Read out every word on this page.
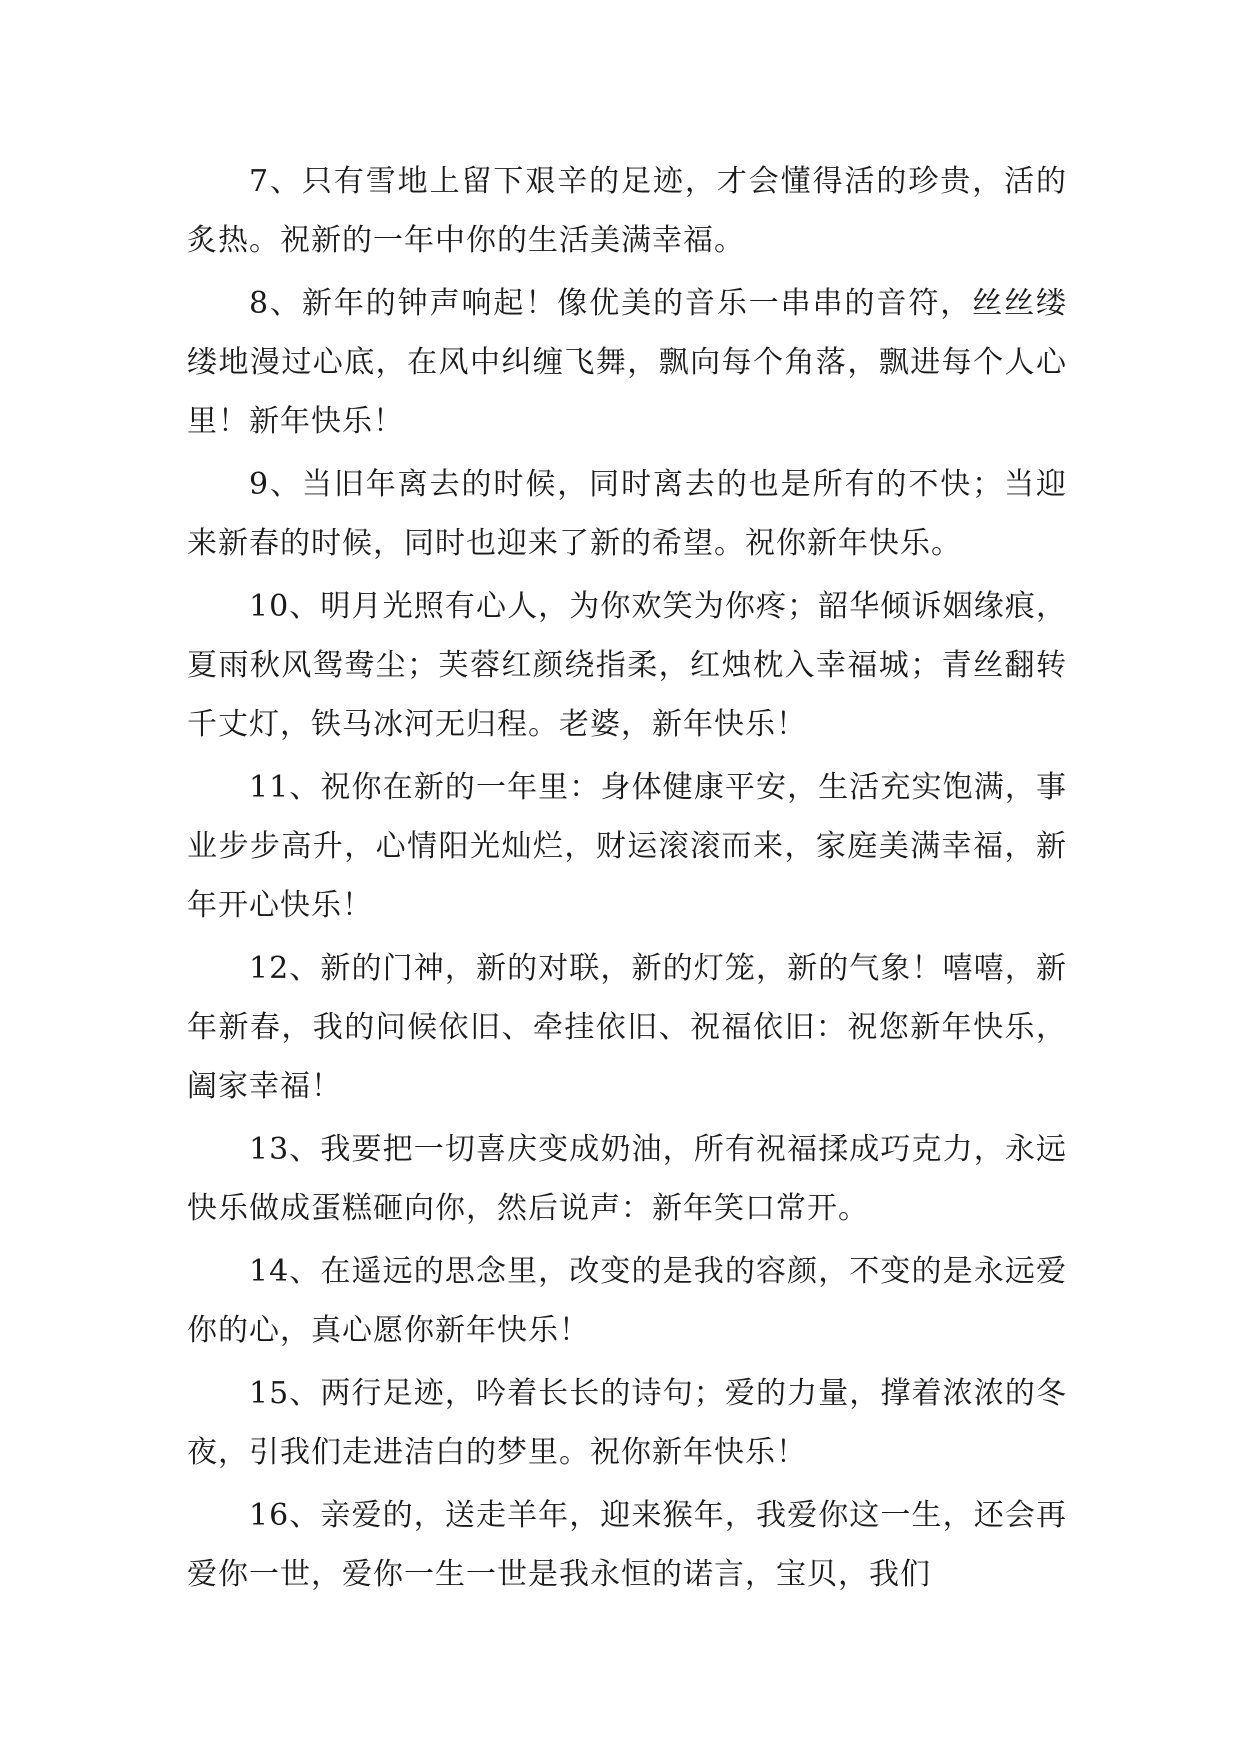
7、只有雪地上留下艰辛的足迹，才会懂得活的珍贵，活的炙热。祝新的一年中你的生活美满幸福。

8、新年的钟声响起！像优美的音乐一串串的音符，丝丝缕缕地漫过心底，在风中纠缠飞舞，飘向每个角落，飘进每个人心里！新年快乐！

9、当旧年离去的时候，同时离去的也是所有的不快；当迎来新春的时候，同时也迎来了新的希望。祝你新年快乐。

10、明月光照有心人，为你欢笑为你疼；韶华倾诉姻缘痕，夏雨秋风鸳鸯尘；芙蓉红颜绕指柔，红烛枕入幸福城；青丝翻转千丈灯，铁马冰河无归程。老婆，新年快乐！

11、祝你在新的一年里：身体健康平安，生活充实饱满，事业步步高升，心情阳光灿烂，财运滚滚而来，家庭美满幸福，新年开心快乐！

12、新的门神，新的对联，新的灯笼，新的气象！嘻嘻，新年新春，我的问候依旧、牵挂依旧、祝福依旧：祝您新年快乐，阖家幸福！

13、我要把一切喜庆变成奶油，所有祝福揉成巧克力，永远快乐做成蛋糕砸向你，然后说声：新年笑口常开。

14、在遥远的思念里，改变的是我的容颜，不变的是永远爱你的心，真心愿你新年快乐！

15、两行足迹，吟着长长的诗句；爱的力量，撑着浓浓的冬夜，引我们走进洁白的梦里。祝你新年快乐！

16、亲爱的，送走羊年，迎来猴年，我爱你这一生，还会再爱你一世，爱你一生一世是我永恒的诺言，宝贝，我们
